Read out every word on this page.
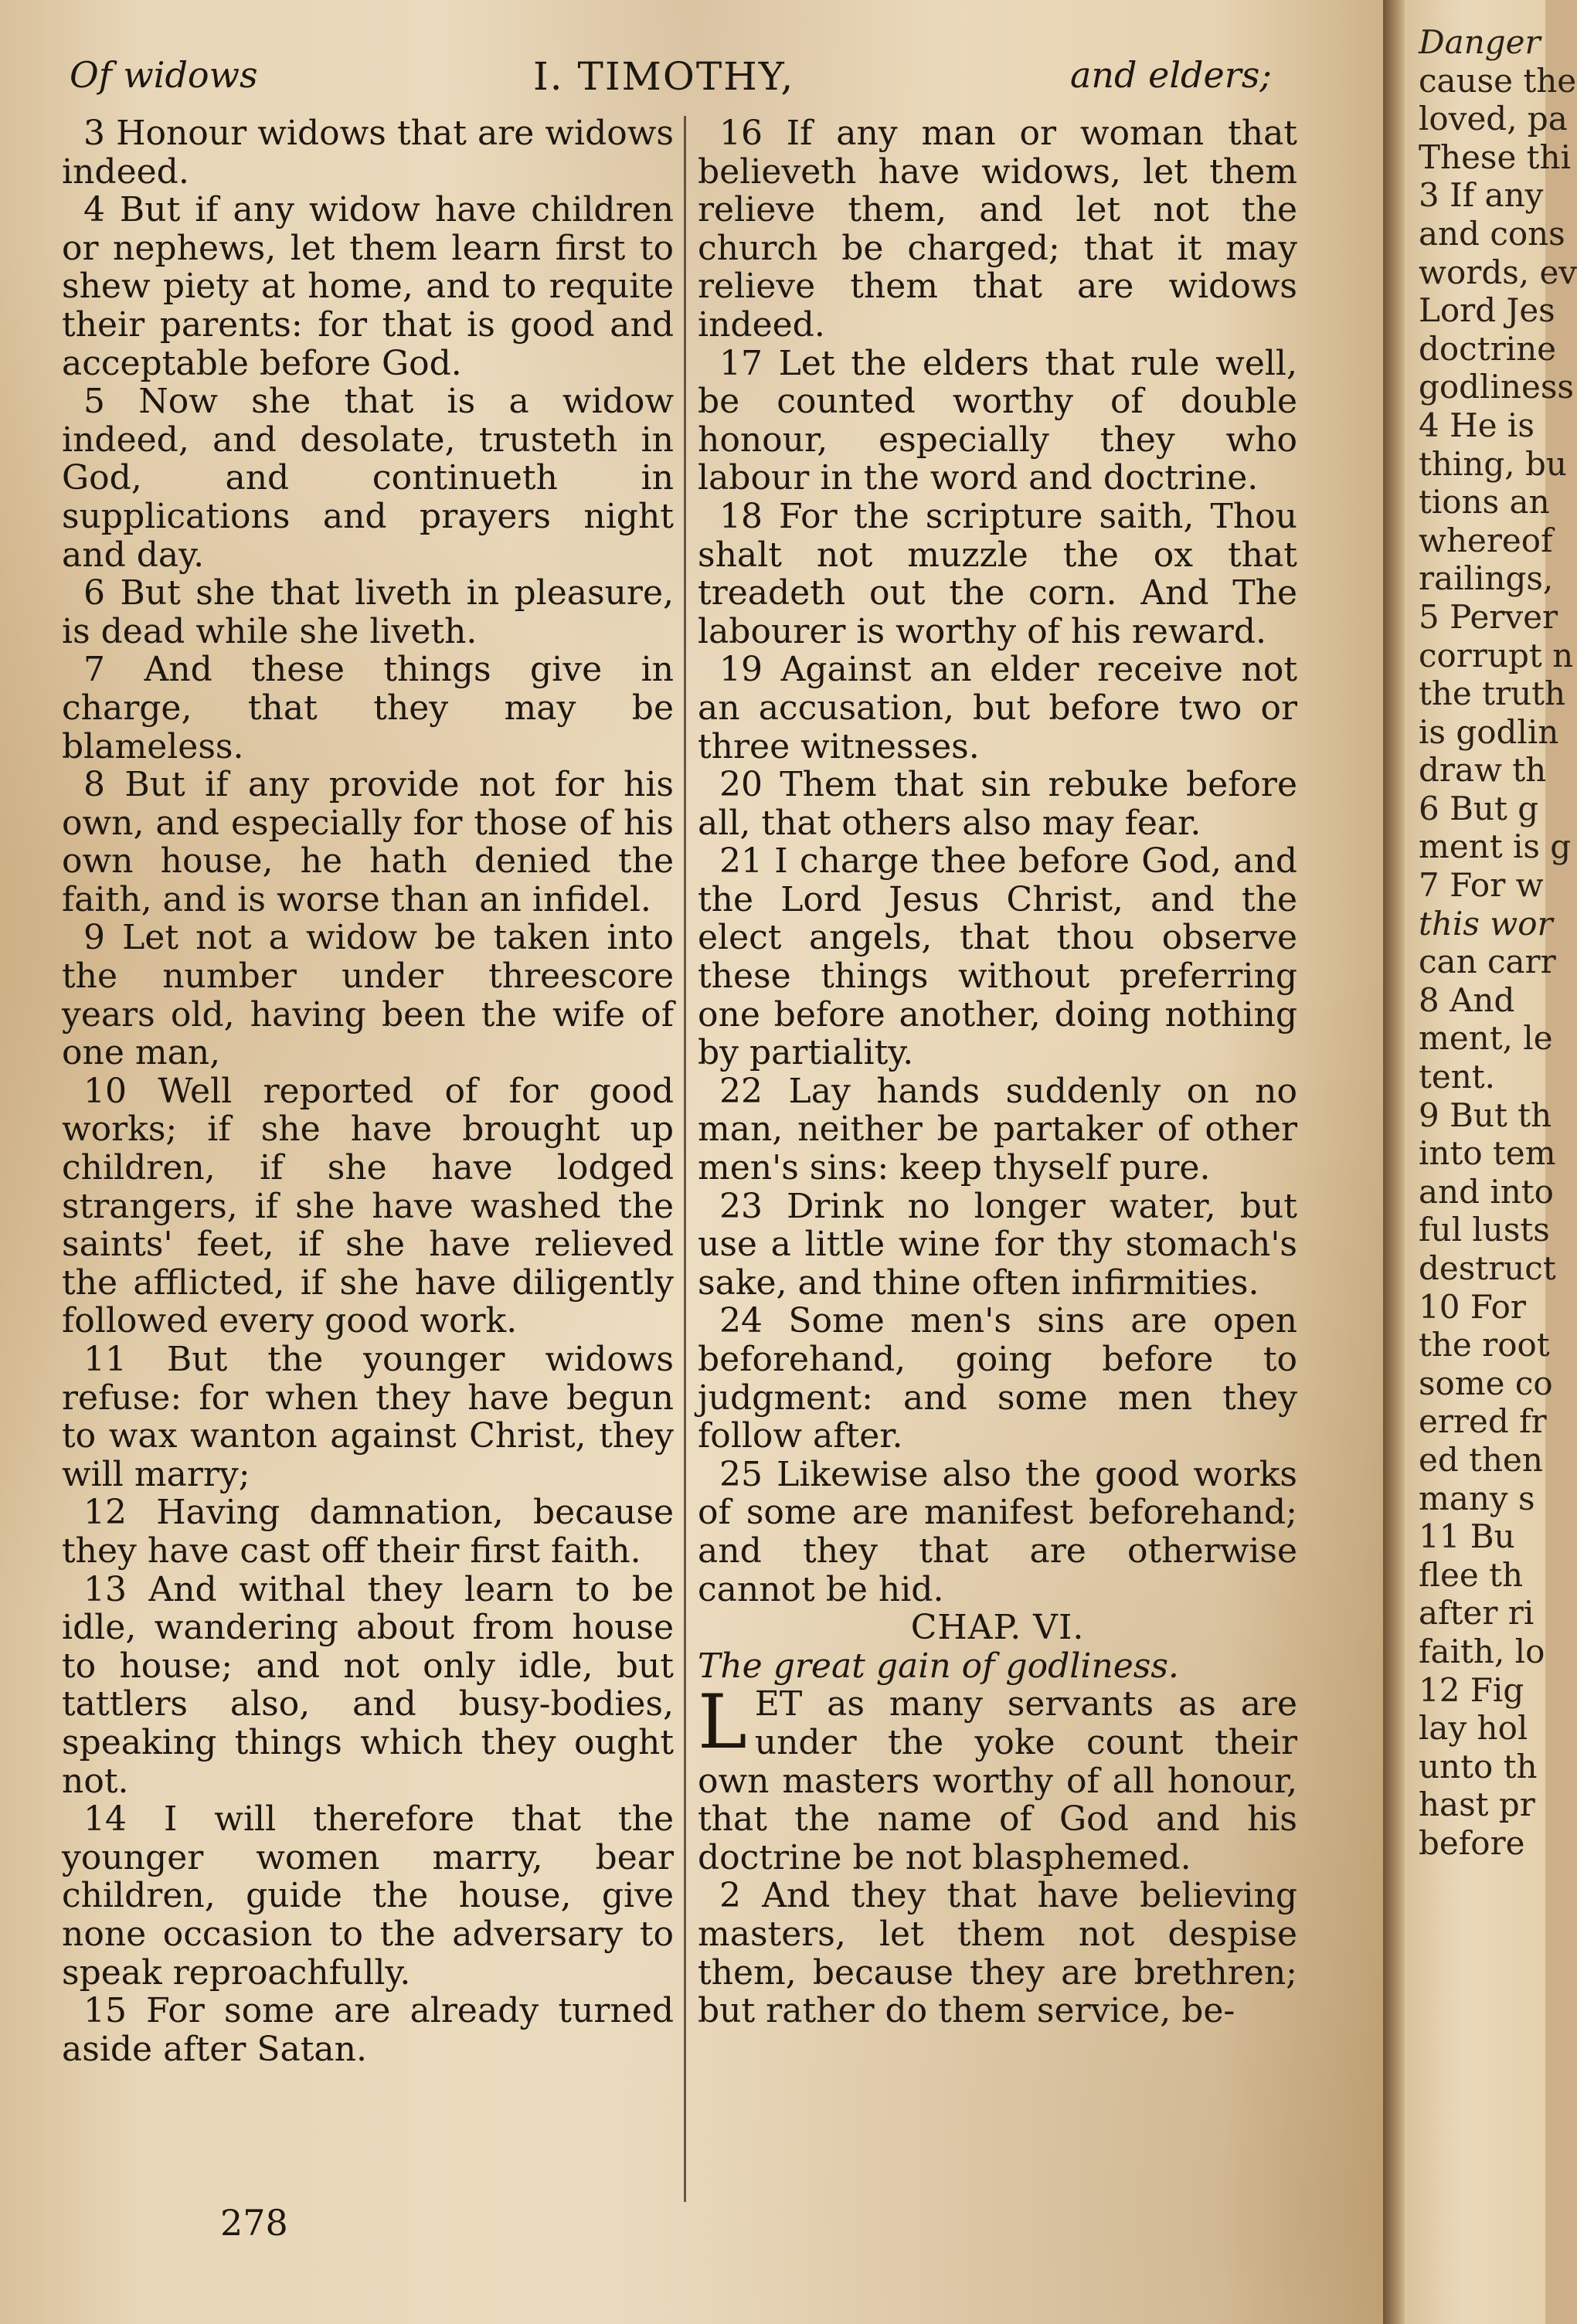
Of widows	I. TIMOTHY,	and elders;

3 Honour widows that are widows indeed.

4 But if any widow have children or nephews, let them learn first to shew piety at home, and to requite their parents: for that is good and acceptable before God.

5 Now she that is a widow indeed, and desolate, trusteth in God, and continueth in supplications and prayers night and day.

6 But she that liveth in pleasure, is dead while she liveth.

7 And these things give in charge, that they may be blameless.

8 But if any provide not for his own, and especially for those of his own house, he hath denied the faith, and is worse than an infidel.

9 Let not a widow be taken into the number under threescore years old, having been the wife of one man,

10 Well reported of for good works; if she have brought up children, if she have lodged strangers, if she have washed the saints' feet, if she have relieved the afflicted, if she have diligently followed every good work.

11 But the younger widows refuse: for when they have begun to wax wanton against Christ, they will marry;

12 Having damnation, because they have cast off their first faith.

13 And withal they learn to be idle, wandering about from house to house; and not only idle, but tattlers also, and busy-bodies, speaking things which they ought not.

14 I will therefore that the younger women marry, bear children, guide the house, give none occasion to the adversary to speak reproachfully.

15 For some are already turned aside after Satan.

16 If any man or woman that believeth have widows, let them relieve them, and let not the church be charged; that it may relieve them that are widows indeed.

17 Let the elders that rule well, be counted worthy of double honour, especially they who labour in the word and doctrine.

18 For the scripture saith, Thou shalt not muzzle the ox that treadeth out the corn. And The labourer is worthy of his reward.

19 Against an elder receive not an accusation, but before two or three witnesses.

20 Them that sin rebuke before all, that others also may fear.

21 I charge thee before God, and the Lord Jesus Christ, and the elect angels, that thou observe these things without preferring one before another, doing nothing by partiality.

22 Lay hands suddenly on no man, neither be partaker of other men's sins: keep thyself pure.

23 Drink no longer water, but use a little wine for thy stomach's sake, and thine often infirmities.

24 Some men's sins are open beforehand, going before to judgment: and some men they follow after.

25 Likewise also the good works of some are manifest beforehand; and they that are otherwise cannot be hid.

CHAP. VI.

The great gain of godliness.

LET as many servants as are under the yoke count their own masters worthy of all honour, that the name of God and his doctrine be not blasphemed.

2 And they that have believing masters, let them not despise them, because they are brethren; but rather do them service, be-

278
Danger
cause the
loved, pa
These thi
3 If any
and cons
words, ev
Lord Jes
doctrine
godliness
4 He is
thing, bu
tions an
whereof
railings,
5 Perver
corrupt n
the truth
is godlin
draw th
6 But g
ment is g
7 For w
this wor
can carr
8 And
ment, le
tent.
9 But th
into tem
and into
ful lusts
destruct
10 For
the root
some co
erred fr
ed then
many s
11 Bu
flee th
after ri
faith, lo
12 Fig
lay hol
unto th
hast pr
before
